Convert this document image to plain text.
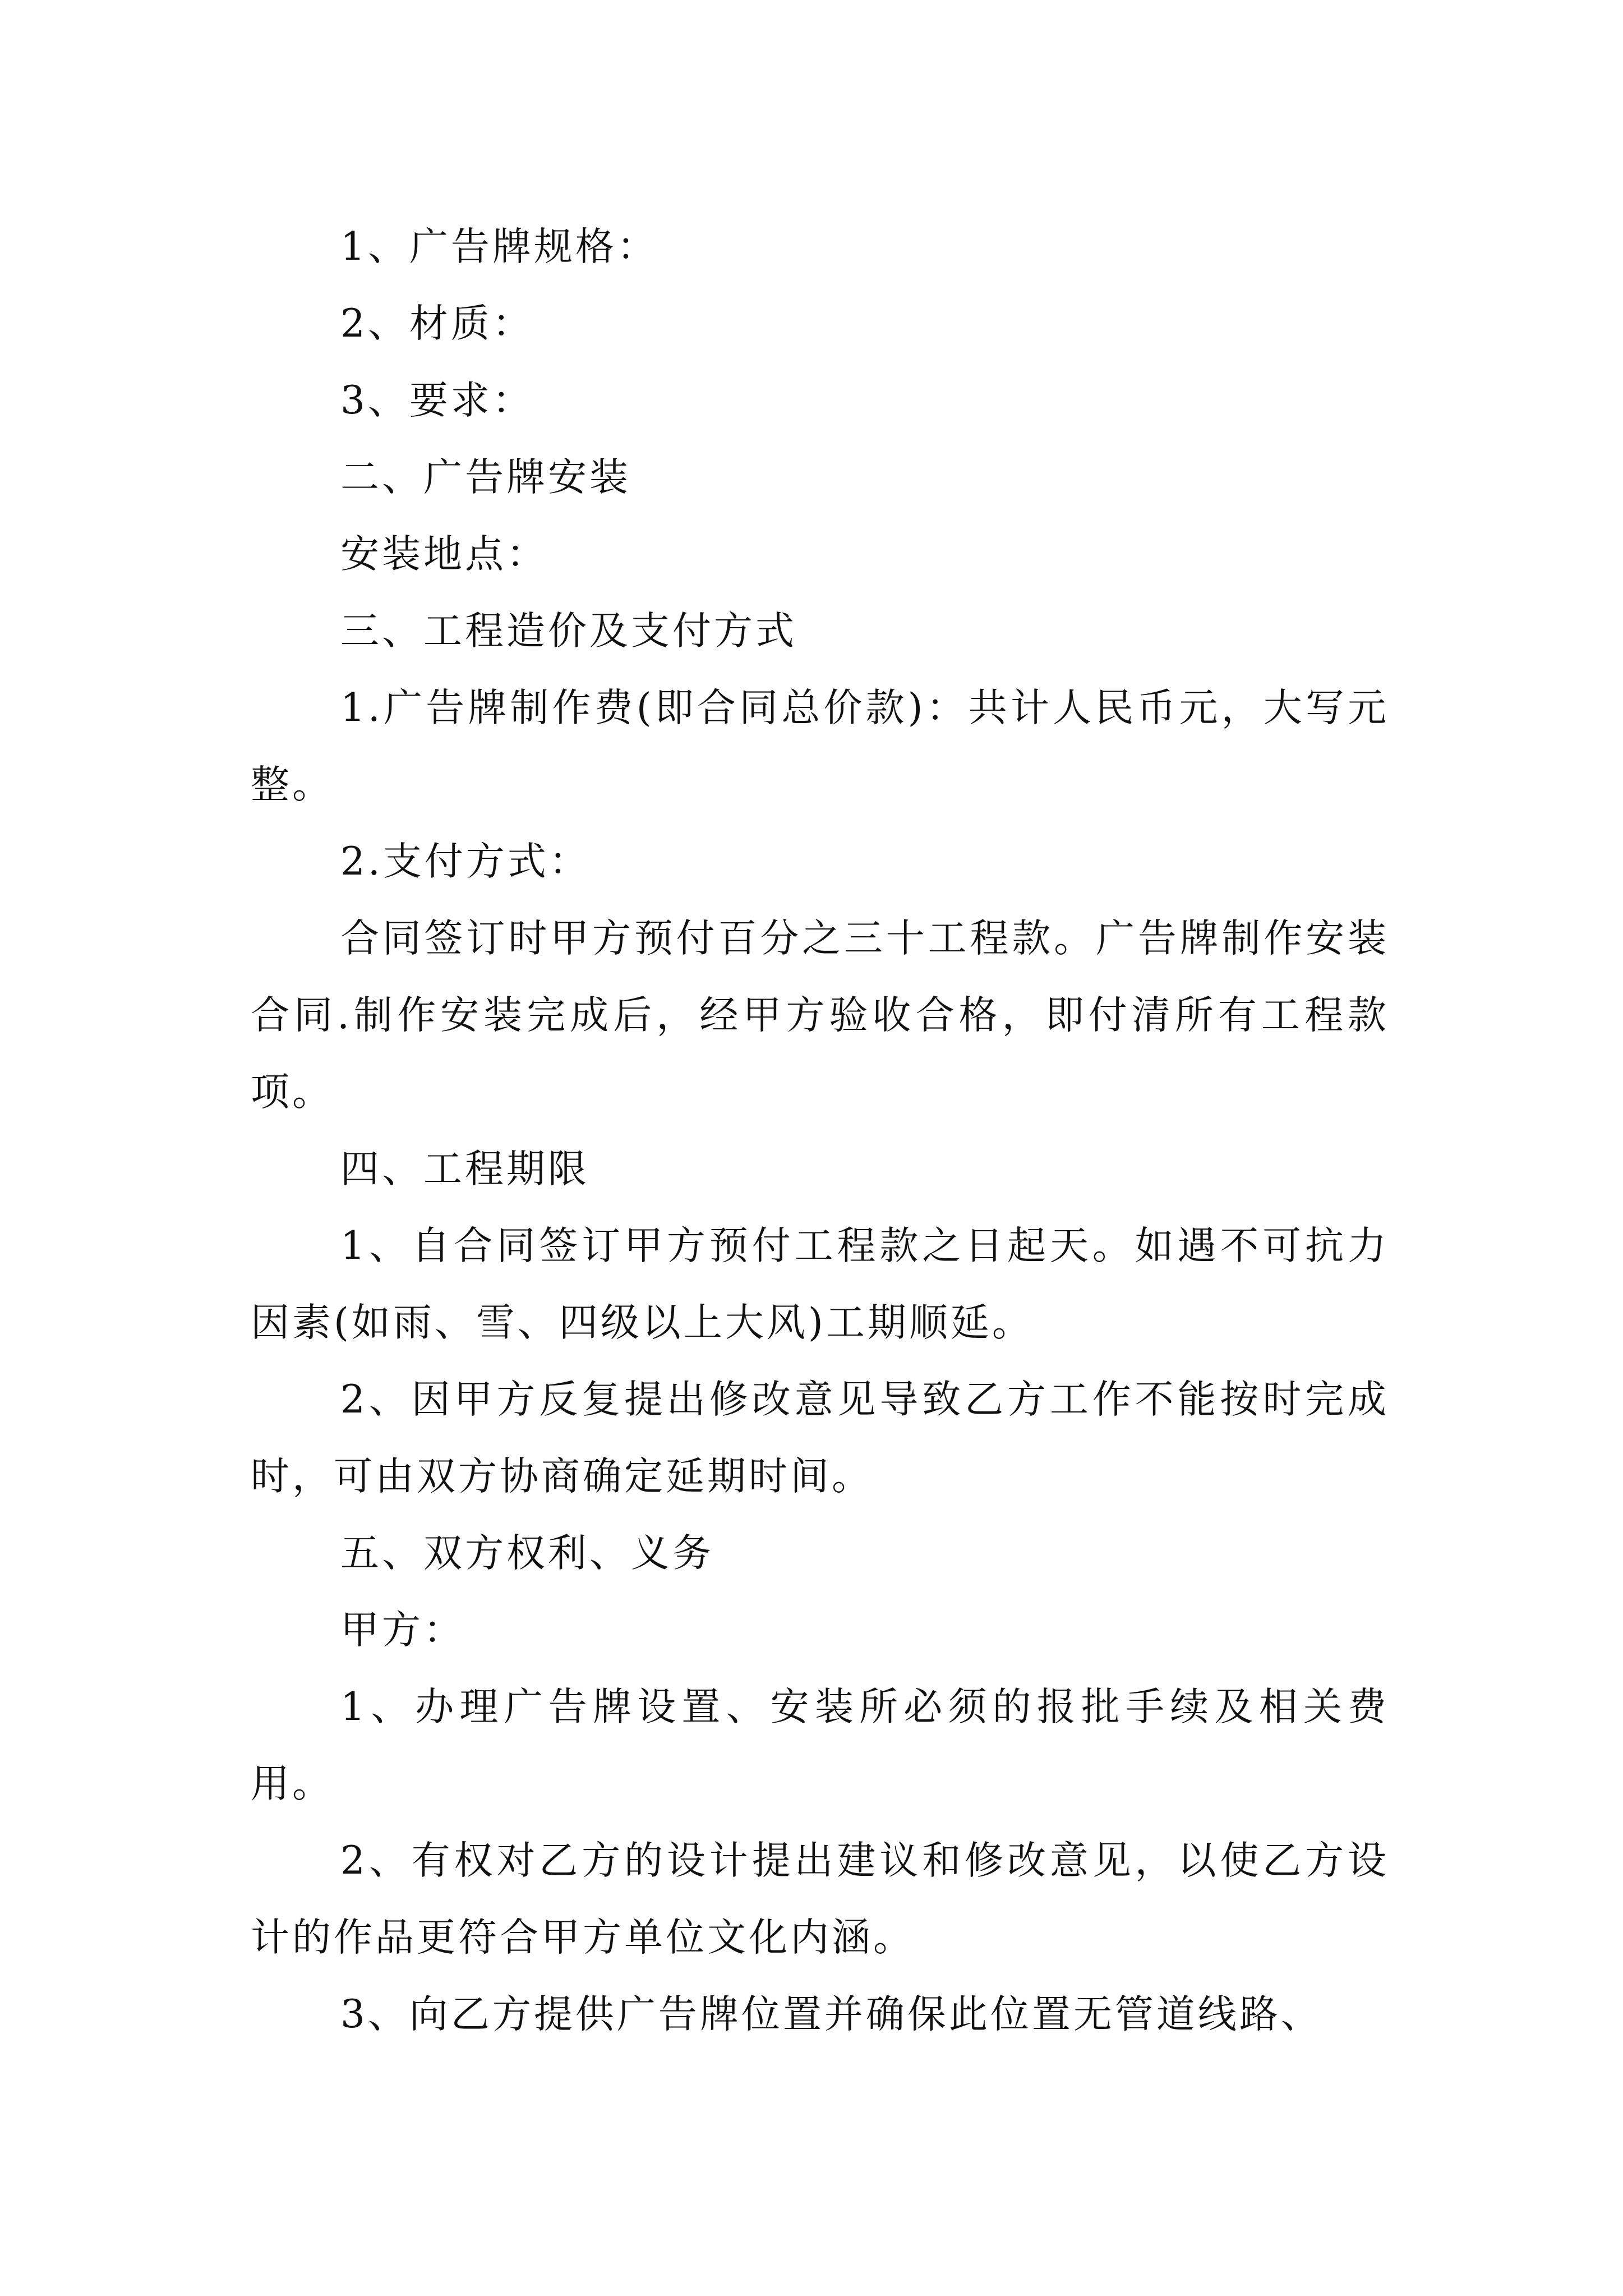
1、广告牌规格：

2、材质：

3、要求：

二、广告牌安装

安装地点：

三、工程造价及支付方式

1.广告牌制作费(即合同总价款)：共计人民币元，大写元整。

2.支付方式：

合同签订时甲方预付百分之三十工程款。广告牌制作安装合同.制作安装完成后，经甲方验收合格，即付清所有工程款项。

四、工程期限

1、自合同签订甲方预付工程款之日起天。如遇不可抗力因素(如雨、雪、四级以上大风)工期顺延。

2、因甲方反复提出修改意见导致乙方工作不能按时完成时，可由双方协商确定延期时间。

五、双方权利、义务

甲方：

1、办理广告牌设置、安装所必须的报批手续及相关费用。

2、有权对乙方的设计提出建议和修改意见，以使乙方设计的作品更符合甲方单位文化内涵。

3、向乙方提供广告牌位置并确保此位置无管道线路、
